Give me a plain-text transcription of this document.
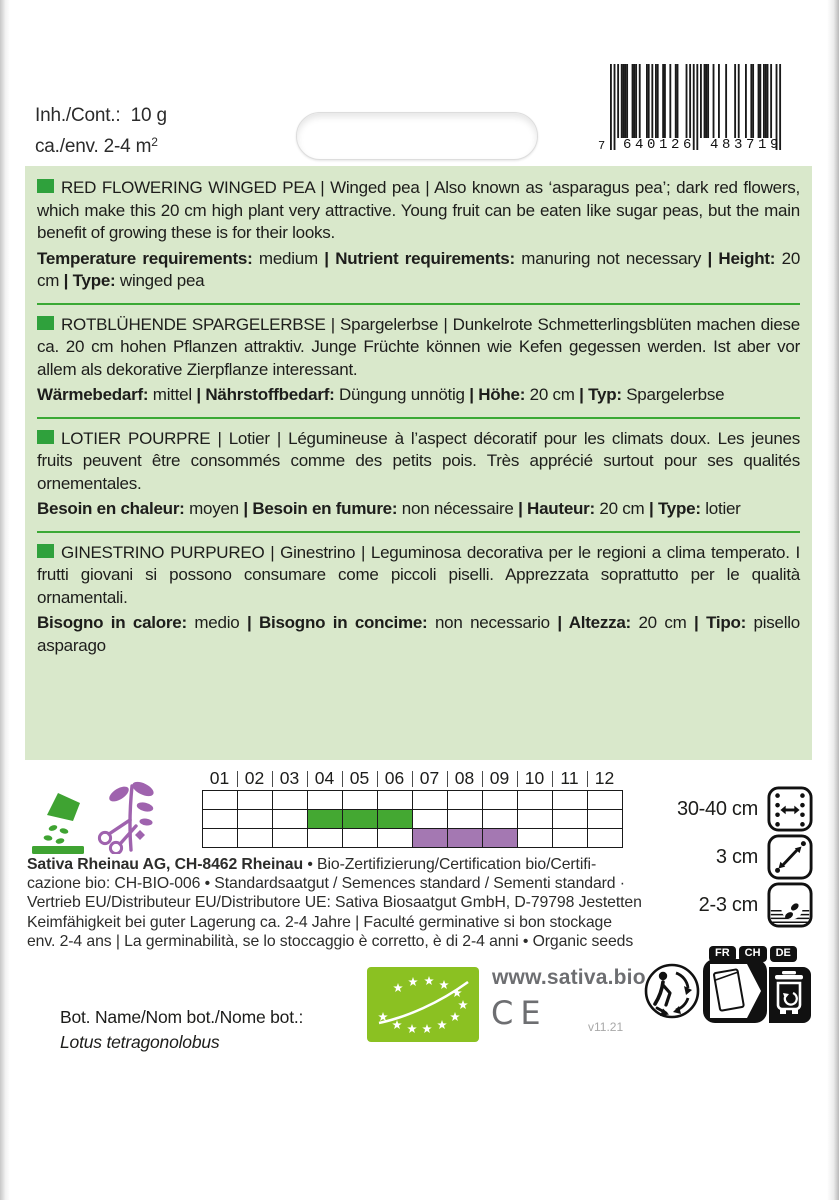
Inh./Cont.: 10 g
ca./env. 2-4 $m^2$	7 640126 483719

RED FLOWERING WINGED PEA | Winged pea | Also known as ‘asparagus pea’; dark red flowers, which make this 20 cm high plant very attractive. Young fruit can be eaten like sugar peas, but the main benefit of growing these is for their looks.

Temperature requirements: medium | Nutrient requirements: manuring not necessary | Height: 20 cm | Type: winged pea

ROTBLÜHENDE SPARGELERBSE | Spargelerbse | Dunkelrote Schmetterlingsblüten machen diese ca. 20 cm hohen Pflanzen attraktiv. Junge Früchte können wie Kefen gegessen werden. Ist aber vor allem als dekorative Zierpflanze interessant.

Wärmebedarf: mittel | Nährstoffbedarf: Düngung unnötig | Höhe: 20 cm | Typ: Spargelerbse

LOTIER POURPRE | Lotier | Légumineuse à l’aspect décoratif pour les climats doux. Les jeunes fruits peuvent être consommés comme des petits pois. Très apprécié surtout pour ses qualités ornementales.

Besoin en chaleur: moyen | Besoin en fumure: non nécessaire | Hauteur: 20 cm | Type: lotier

GINESTRINO PURPUREO | Ginestrino | Leguminosa decorativa per le regioni a clima temperato. I frutti giovani si possono consumare come piccoli piselli. Apprezzata soprattutto per le qualità ornamentali.

Bisogno in calore: medio | Bisogno in concime: non necessario | Altezza: 20 cm | Tipo: pisello asparago

01 02 03 04 05 06 07 08 09 10 11 12
30-40 cm
3 cm
2-3 cm
Sativa Rheinau AG, CH-8462 Rheinau • Bio-Zertifizierung/Certification bio/Certifi-
cazione bio: CH-BIO-006 • Standardsaatgut / Semences standard / Sementi standard ·
Vertrieb EU/Distributeur EU/Distributore UE: Sativa Biosaatgut GmbH, D-79798 Jestetten
Keimfähigkeit bei guter Lagerung ca. 2-4 Jahre | Faculté germinative si bon stockage
env. 2-4 ans | La germinabilità, se lo stoccaggio è corretto, è di 2-4 anni • Organic seeds
Bot. Name/Nom bot./Nome bot.:
Lotus tetragonolobus
www.sativa.bio
CE	v11.21
FR	CH	DE
